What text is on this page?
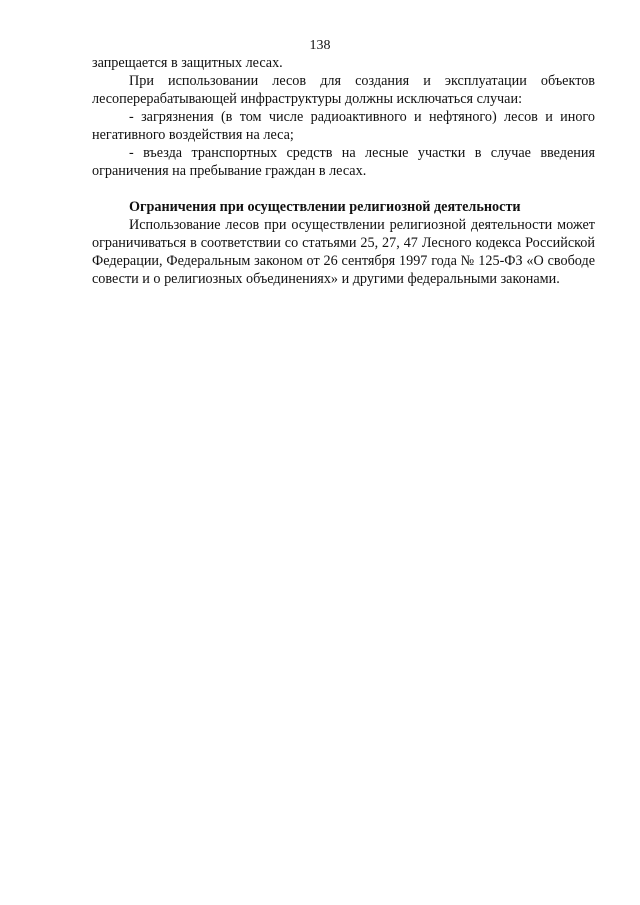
138

запрещается в защитных лесах.

При использовании лесов для создания и эксплуатации объектов лесоперерабатывающей инфраструктуры должны исключаться случаи:

- загрязнения (в том числе радиоактивного и нефтяного) лесов и иного негативного воздействия на леса;

- въезда транспортных средств на лесные участки в случае введения ограничения на пребывание граждан в лесах.

Ограничения при осуществлении религиозной деятельности

Использование лесов при осуществлении религиозной деятельности может ограничиваться в соответствии со статьями 25, 27, 47 Лесного кодекса Российской Федерации, Федеральным законом от 26 сентября 1997 года № 125-ФЗ «О свободе совести и о религиозных объединениях» и другими федеральными законами.
